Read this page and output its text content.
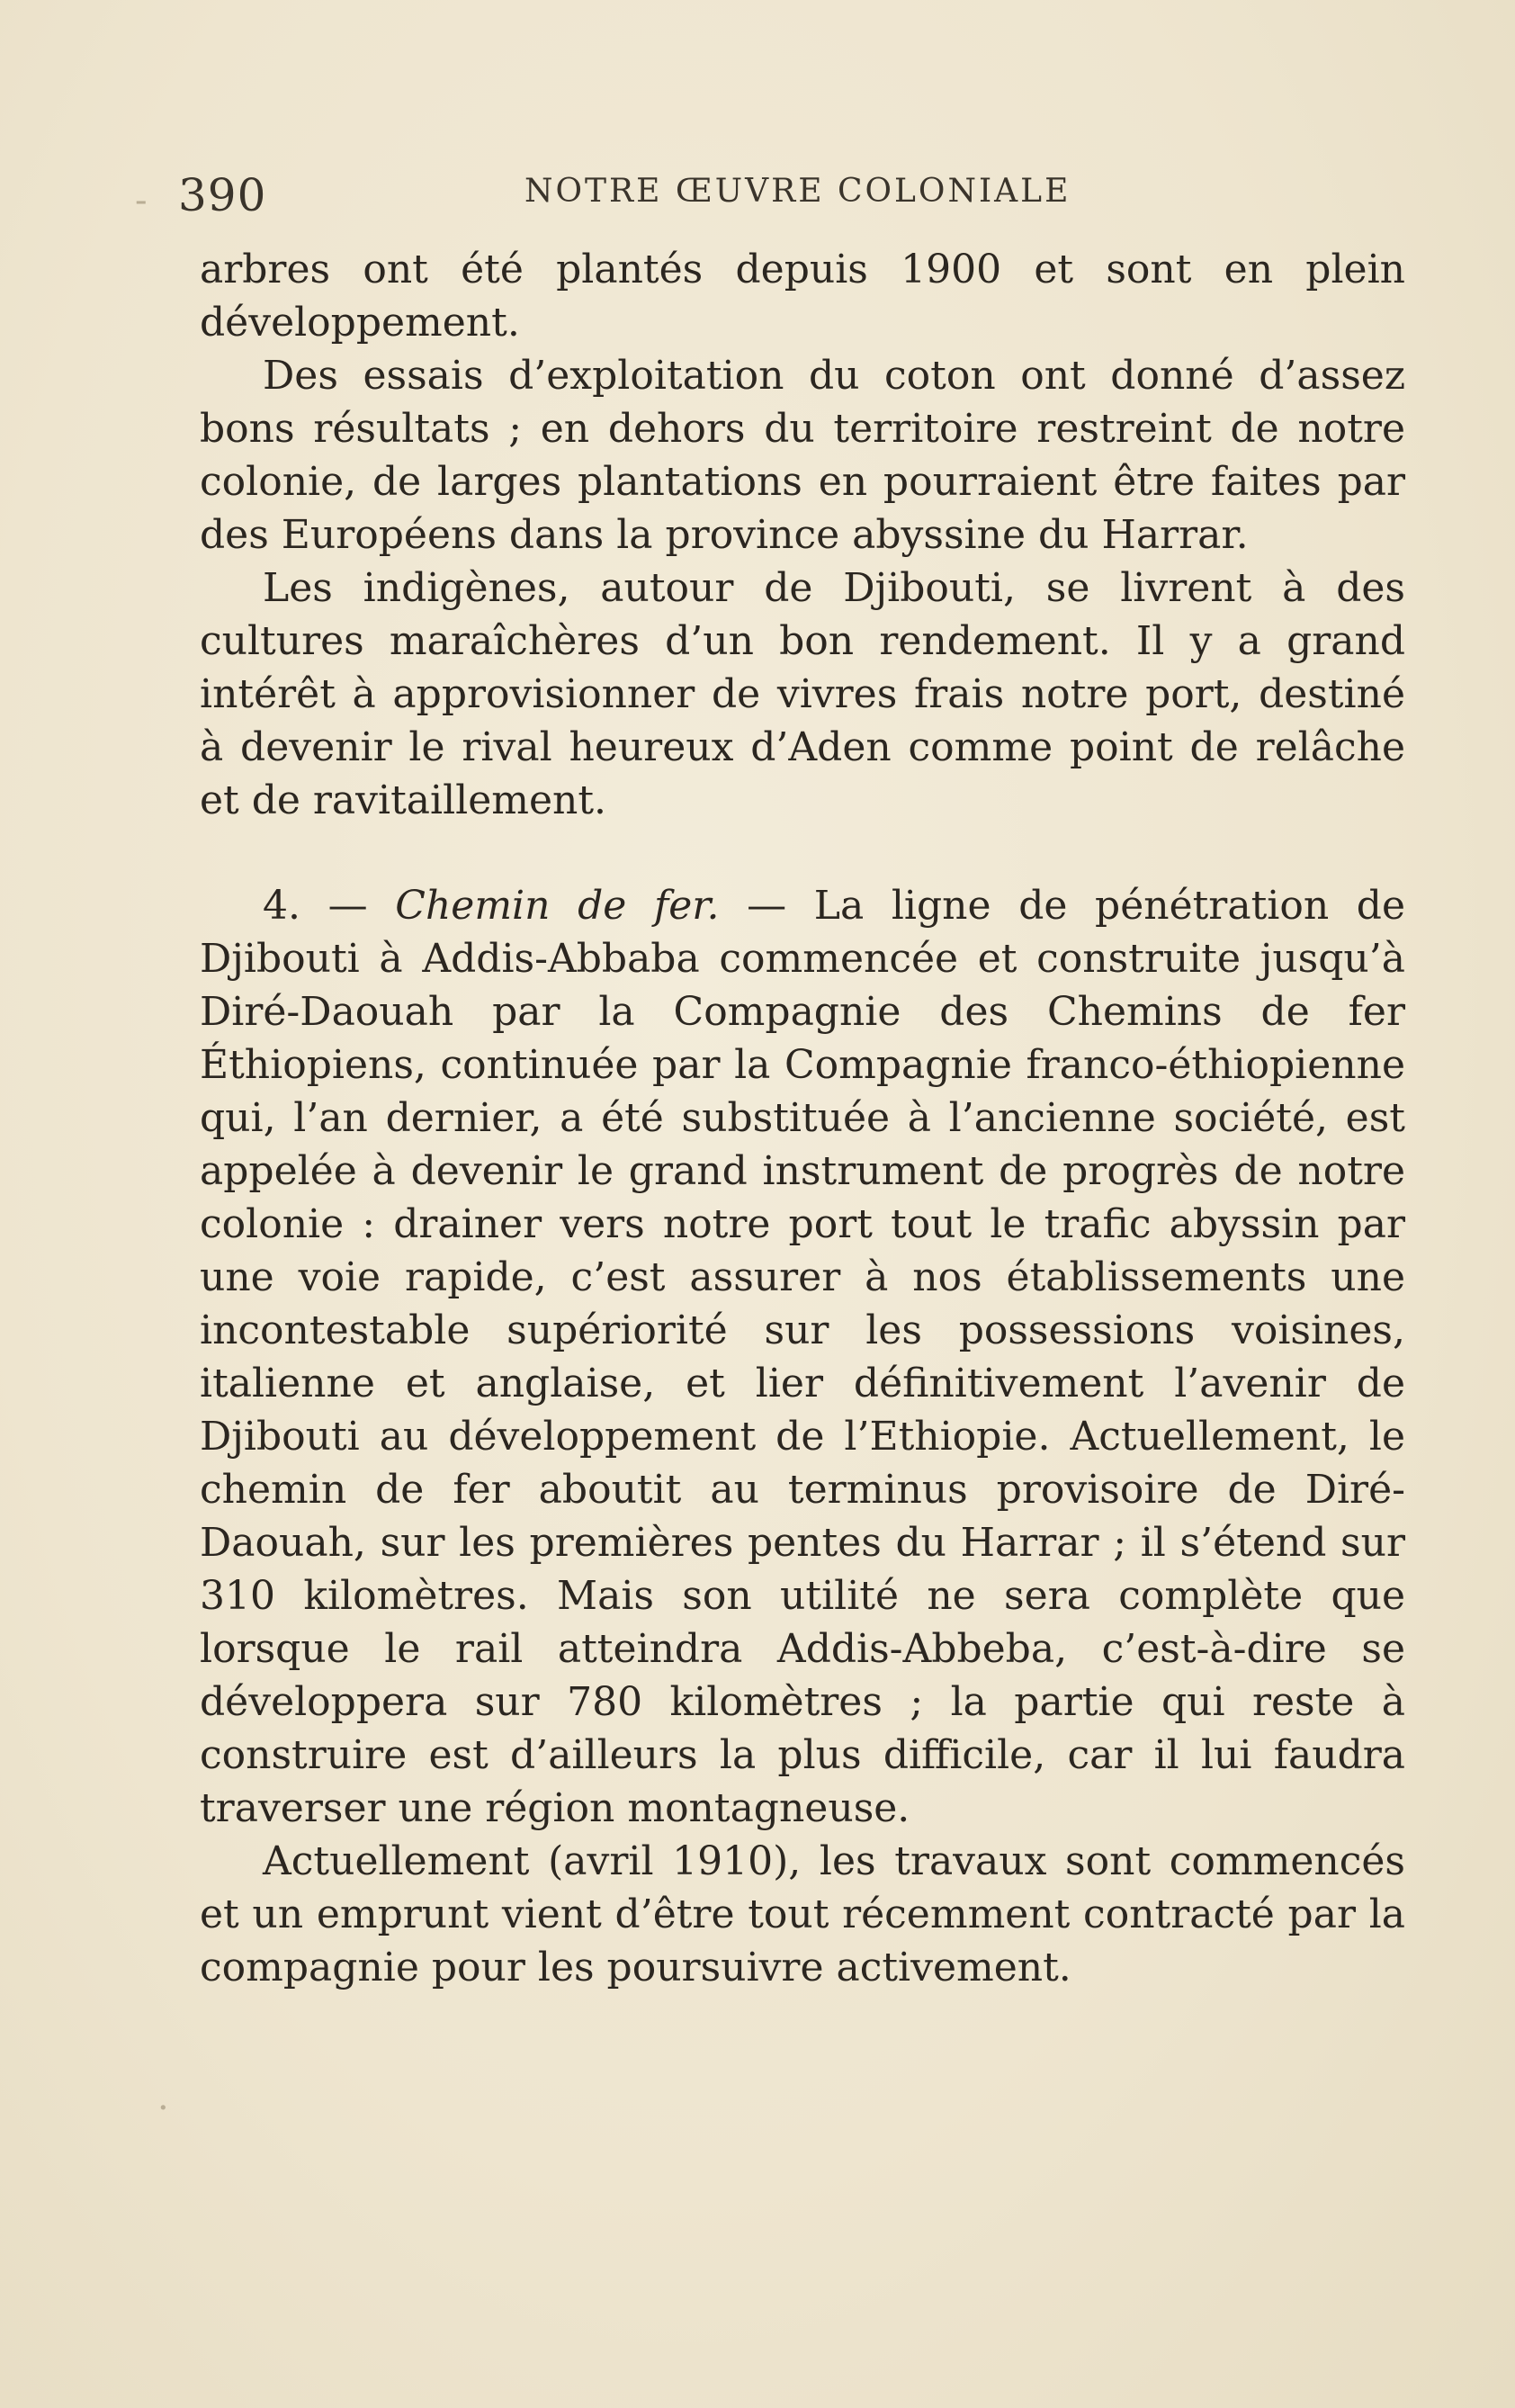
-
·
390	NOTRE ŒUVRE COLONIALE

arbres ont été plantés depuis 1900 et sont en plein développement.

Des essais d’exploitation du coton ont donné d’assez bons résultats ; en dehors du territoire restreint de notre colonie, de larges plantations en pourraient être faites par des Européens dans la province abyssine du Harrar.

Les indigènes, autour de Djibouti, se livrent à des cultures maraîchères d’un bon rendement. Il y a grand intérêt à approvisionner de vivres frais notre port, destiné à devenir le rival heureux d’Aden comme point de relâche et de ravitaillement.

4. — Chemin de fer. — La ligne de pénétration de Djibouti à Addis-Abbaba commencée et construite jusqu’à Diré-Daouah par la Compagnie des Chemins de fer Éthiopiens, continuée par la Compagnie franco-éthiopienne qui, l’an dernier, a été substituée à l’ancienne société, est appelée à devenir le grand instrument de progrès de notre colonie : drainer vers notre port tout le trafic abyssin par une voie rapide, c’est assurer à nos établissements une incontestable supériorité sur les possessions voisines, italienne et anglaise, et lier définitivement l’avenir de Djibouti au développement de l’Ethiopie. Actuellement, le chemin de fer aboutit au terminus provisoire de Diré-Daouah, sur les premières pentes du Harrar ; il s’étend sur 310 kilomètres. Mais son utilité ne sera complète que lorsque le rail atteindra Addis-Abbeba, c’est-à-dire se développera sur 780 kilomètres ; la partie qui reste à construire est d’ailleurs la plus difficile, car il lui faudra traverser une région montagneuse.

Actuellement (avril 1910), les travaux sont commencés et un emprunt vient d’être tout récemment contracté par la compagnie pour les poursuivre activement.
